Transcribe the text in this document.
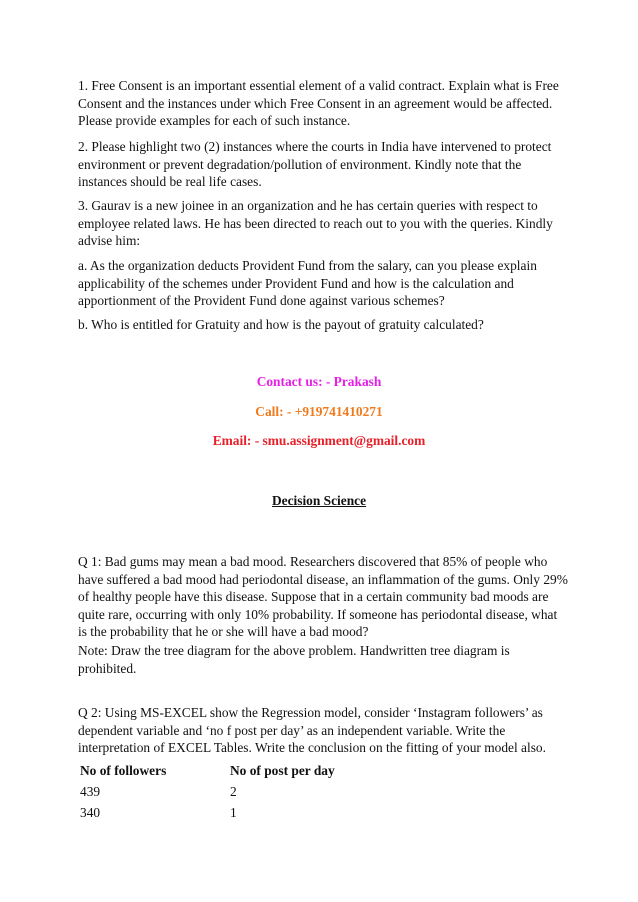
1. Free Consent is an important essential element of a valid contract. Explain what is Free Consent and the instances under which Free Consent in an agreement would be affected. Please provide examples for each of such instance.

2. Please highlight two (2) instances where the courts in India have intervened to protect environment or prevent degradation/pollution of environment. Kindly note that the instances should be real life cases.

3. Gaurav is a new joinee in an organization and he has certain queries with respect to employee related laws. He has been directed to reach out to you with the queries. Kindly advise him:

a. As the organization deducts Provident Fund from the salary, can you please explain applicability of the schemes under Provident Fund and how is the calculation and apportionment of the Provident Fund done against various schemes?

b. Who is entitled for Gratuity and how is the payout of gratuity calculated?

Contact us: - Prakash

Call: - +919741410271

Email: - smu.assignment@gmail.com

Decision Science

Q 1: Bad gums may mean a bad mood. Researchers discovered that 85% of people who have suffered a bad mood had periodontal disease, an inflammation of the gums. Only 29% of healthy people have this disease. Suppose that in a certain community bad moods are quite rare, occurring with only 10% probability. If someone has periodontal disease, what is the probability that he or she will have a bad mood?

Note: Draw the tree diagram for the above problem. Handwritten tree diagram is prohibited.

Q 2: Using MS-EXCEL show the Regression model, consider ‘Instagram followers’ as dependent variable and ‘no f post per day’ as an independent variable. Write the interpretation of EXCEL Tables. Write the conclusion on the fitting of your model also.

No of followers	No of post per day
439	2
340	1
